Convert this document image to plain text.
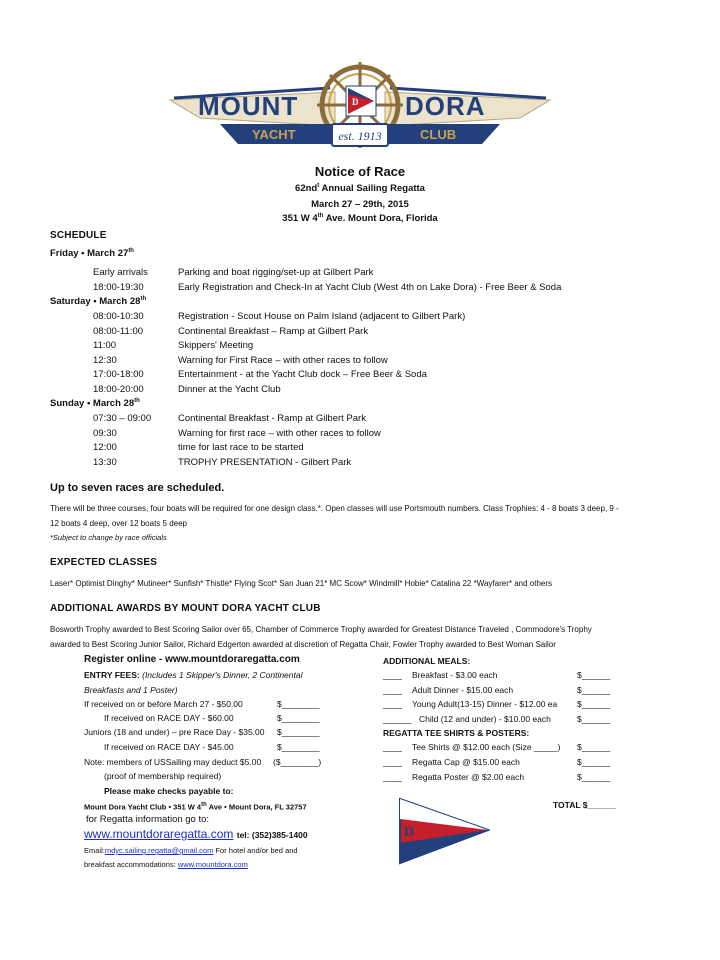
D
MOUNT	DORA
YACHT	CLUB
est. 1913
Notice of Race
$62nd^t$ Annual Sailing Regatta
March 27 – 29th, 2015
351 W 4th Ave. Mount Dora, Florida
SCHEDULE
Friday • March 27th
Early arrivals	Parking and boat rigging/set-up at Gilbert Park
18:00-19:30	Early Registration and Check-In at Yacht Club (West 4th on Lake Dora) - Free Beer & Soda
Saturday • March 28th
08:00-10:30	Registration - Scout House on Palm Island (adjacent to Gilbert Park)
08:00-11:00	Continental Breakfast – Ramp at Gilbert Park
11:00	Skippers' Meeting
12:30	Warning for First Race – with other races to follow
17:00-18:00	Entertainment - at the Yacht Club dock – Free Beer & Soda
18:00-20:00	Dinner at the Yacht Club
Sunday • March 28th
07:30 – 09:00	Continental Breakfast - Ramp at Gilbert Park
09:30	Warning for first race – with other races to follow
12:00	time for last race to be started
13:30	TROPHY PRESENTATION - Gilbert Park
Up to seven races are scheduled.
There will be three courses, four boats will be required for one design class.*. Open classes will use Portsmouth numbers. Class Trophies: 4 - 8 boats 3 deep, 9 -
12 boats 4 deep, over 12 boats 5 deep
*Subject to change by race officials
EXPECTED CLASSES
Laser* Optimist Dinghy* Mutineer* Sunfish* Thistle* Flying Scot* San Juan 21* MC Scow* Windmill* Hobie* Catalina 22 *Wayfarer* and others
ADDITIONAL AWARDS BY MOUNT DORA YACHT CLUB
Bosworth Trophy awarded to Best Scoring Sailor over 65, Chamber of Commerce Trophy awarded for Greatest Distance Traveled , Commodore's Trophy
awarded to Best Scoring Junior Sailor, Richard Edgerton awarded at discretion of Regatta Chair, Fowler Trophy awarded to Best Woman Sailor
Register online - www.mountdoraregatta.com
ENTRY FEES: (Includes 1 Skipper's Dinner, 2 Continental
Breakfasts and 1 Poster)
If received on or before March 27 - $50.00	$________
If received on RACE DAY - $60.00	$________
Juniors (18 and under) – pre Race Day - $35.00 $________
If received on RACE DAY - $45.00	$________
Note: members of USSailing may deduct $5.00 ($________)
(proof of membership required)
Please make checks payable to:
Mount Dora Yacht Club • 351 W 4th Ave • Mount Dora, FL 32757
for Regatta information go to:
www.mountdoraregatta.com tel: (352)385-1400
Email:mdyc.sailing.regatta@gmail.com For hotel and/or bed and
breakfast accommodations: www.mountdora.com
ADDITIONAL MEALS:
____ Breakfast - $3.00 each	$______
____ Adult Dinner - $15.00 each	$______
____ Young Adult(13-15) Dinner - $12.00 ea $______
______ Child (12 and under) - $10.00 each	$______
REGATTA TEE SHIRTS & POSTERS:
____ Tee Shirts @ $12.00 each (Size _____) $______
____ Regatta Cap @ $15.00 each	$______
____ Regatta Poster @ $2.00 each	$______
TOTAL $______
D
